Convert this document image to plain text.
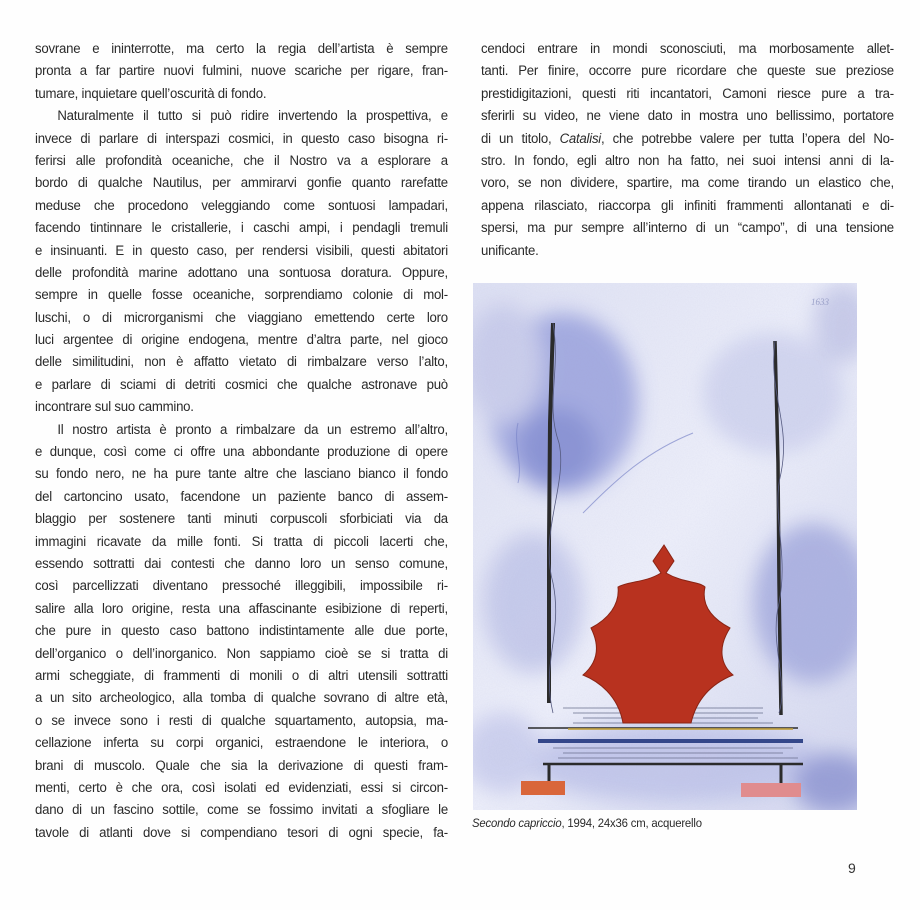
sovrane e ininterrotte, ma certo la regia dell’artista è sempre
pronta a far partire nuovi fulmini, nuove scariche per rigare, fran-
tumare, inquietare quell’oscurità di fondo.
Naturalmente il tutto si può ridire invertendo la prospettiva, e
invece di parlare di interspazi cosmici, in questo caso bisogna ri-
ferirsi alle profondità oceaniche, che il Nostro va a esplorare a
bordo di qualche Nautilus, per ammirarvi gonfie quanto rarefatte
meduse che procedono veleggiando come sontuosi lampadari,
facendo tintinnare le cristallerie, i caschi ampi, i pendagli tremuli
e insinuanti. E in questo caso, per rendersi visibili, questi abitatori
delle profondità marine adottano una sontuosa doratura. Oppure,
sempre in quelle fosse oceaniche, sorprendiamo colonie di mol-
luschi, o di microrganismi che viaggiano emettendo certe loro
luci argentee di origine endogena, mentre d’altra parte, nel gioco
delle similitudini, non è affatto vietato di rimbalzare verso l’alto,
e parlare di sciami di detriti cosmici che qualche astronave può
incontrare sul suo cammino.
Il nostro artista è pronto a rimbalzare da un estremo all’altro,
e dunque, così come ci offre una abbondante produzione di opere
su fondo nero, ne ha pure tante altre che lasciano bianco il fondo
del cartoncino usato, facendone un paziente banco di assem-
blaggio per sostenere tanti minuti corpuscoli sforbiciati via da
immagini ricavate da mille fonti. Si tratta di piccoli lacerti che,
essendo sottratti dai contesti che danno loro un senso comune,
così parcellizzati diventano pressoché illeggibili, impossibile ri-
salire alla loro origine, resta una affascinante esibizione di reperti,
che pure in questo caso battono indistintamente alle due porte,
dell’organico o dell’inorganico. Non sappiamo cioè se si tratta di
armi scheggiate, di frammenti di monili o di altri utensili sottratti
a un sito archeologico, alla tomba di qualche sovrano di altre età,
o se invece sono i resti di qualche squartamento, autopsia, ma-
cellazione inferta su corpi organici, estraendone le interiora, o
brani di muscolo. Quale che sia la derivazione di questi fram-
menti, certo è che ora, così isolati ed evidenziati, essi si circon-
dano di un fascino sottile, come se fossimo invitati a sfogliare le
tavole di atlanti dove si compendiano tesori di ogni specie, fa-
cendoci entrare in mondi sconosciuti, ma morbosamente allet-
tanti. Per finire, occorre pure ricordare che queste sue preziose
prestidigitazioni, questi riti incantatori, Camoni riesce pure a tra-
sferirli su video, ne viene dato in mostra uno bellissimo, portatore
di un titolo, Catalisi, che potrebbe valere per tutta l’opera del No-
stro. In fondo, egli altro non ha fatto, nei suoi intensi anni di la-
voro, se non dividere, spartire, ma come tirando un elastico che,
appena rilasciato, riaccorpa gli infiniti frammenti allontanati e di-
spersi, ma pur sempre all’interno di un “campo”, di una tensione
unificante.
1633
Secondo capriccio, 1994, 24x36 cm, acquerello
9
